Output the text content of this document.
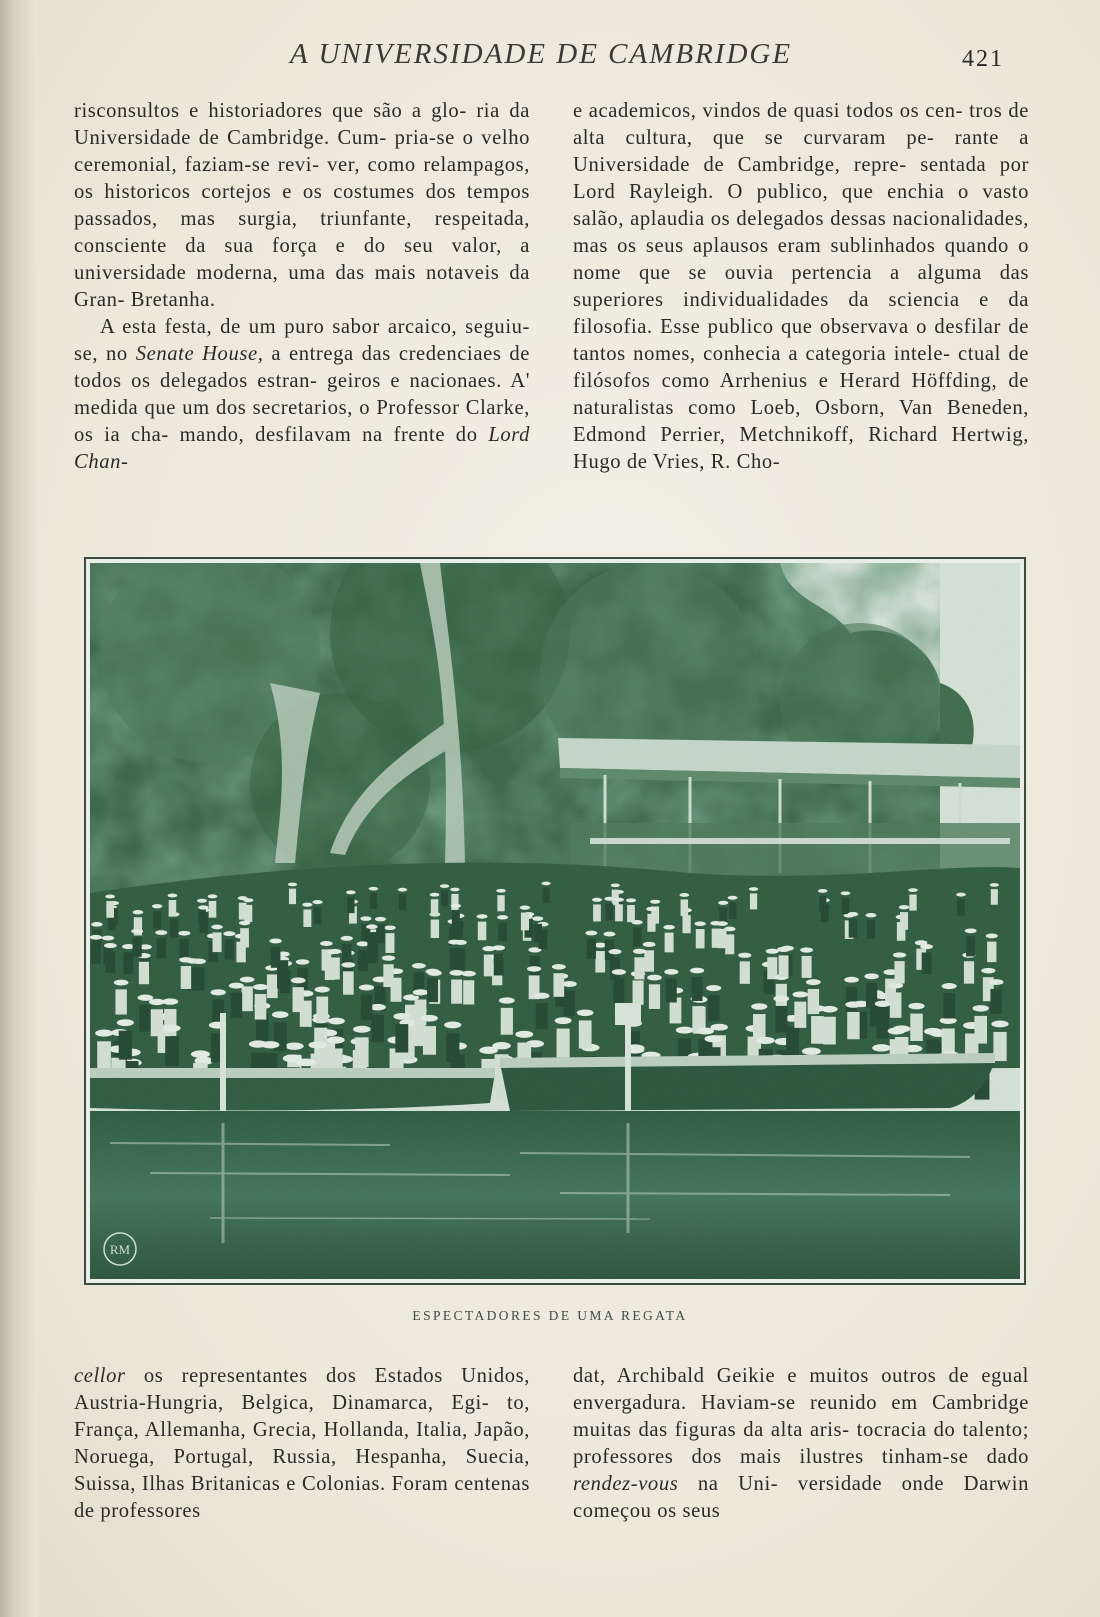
A UNIVERSIDADE DE CAMBRIDGE	421

risconsultos e historiadores que são a glo- ria da Universidade de Cambridge. Cum- pria-se o velho ceremonial, faziam-se revi- ver, como relampagos, os historicos cortejos e os costumes dos tempos passados, mas surgia, triunfante, respeitada, consciente da sua força e do seu valor, a universidade moderna, uma das mais notaveis da Gran- Bretanha.

A esta festa, de um puro sabor arcaico, seguiu-se, no Senate House, a entrega das credenciaes de todos os delegados estran- geiros e nacionaes. A' medida que um dos secretarios, o Professor Clarke, os ia cha- mando, desfilavam na frente do Lord Chan-

e academicos, vindos de quasi todos os cen- tros de alta cultura, que se curvaram pe- rante a Universidade de Cambridge, repre- sentada por Lord Rayleigh. O publico, que enchia o vasto salão, aplaudia os delegados dessas nacionalidades, mas os seus aplausos eram sublinhados quando o nome que se ouvia pertencia a alguma das superiores individualidades da sciencia e da filosofia. Esse publico que observava o desfilar de tantos nomes, conhecia a categoria intele- ctual de filósofos como Arrhenius e Herard Höffding, de naturalistas como Loeb, Osborn, Van Beneden, Edmond Perrier, Metchnikoff, Richard Hertwig, Hugo de Vries, R. Cho-

RM
ESPECTADORES DE UMA REGATA

cellor os representantes dos Estados Unidos, Austria-Hungria, Belgica, Dinamarca, Egi- to, França, Allemanha, Grecia, Hollanda, Italia, Japão, Noruega, Portugal, Russia, Hespanha, Suecia, Suissa, Ilhas Britanicas e Colonias. Foram centenas de professores

dat, Archibald Geikie e muitos outros de egual envergadura. Haviam-se reunido em Cambridge muitas das figuras da alta aris- tocracia do talento; professores dos mais ilustres tinham-se dado rendez-vous na Uni- versidade onde Darwin começou os seus
